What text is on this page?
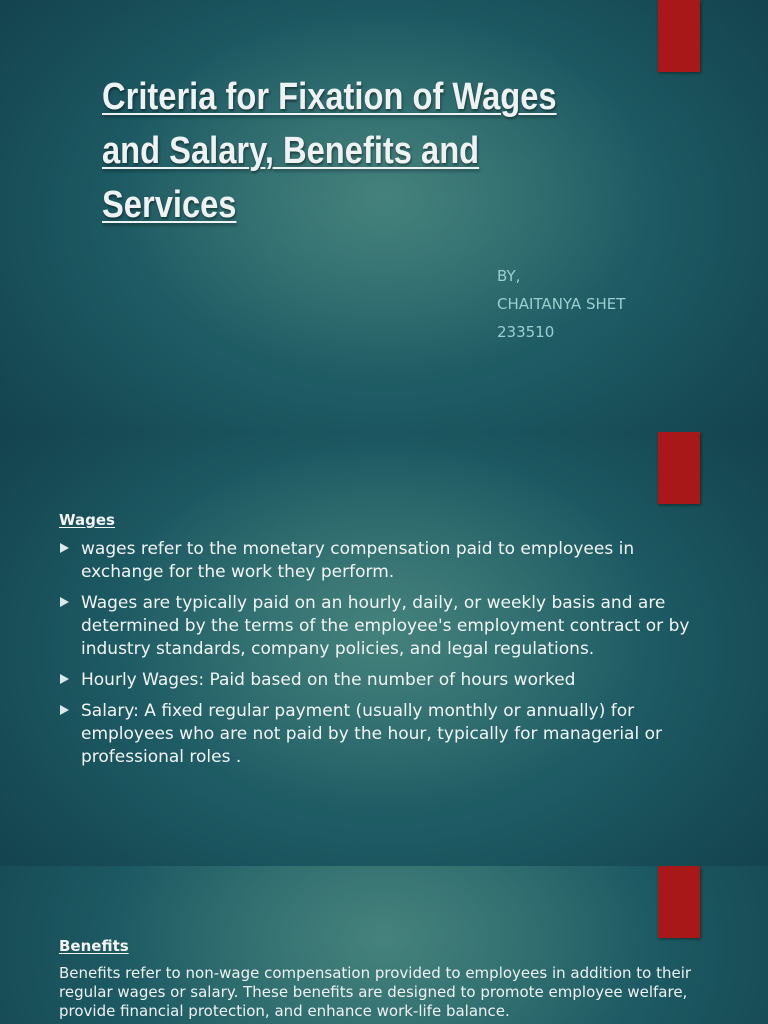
Criteria for Fixation of Wages
and Salary, Benefits and
Services
BY,
CHAITANYA SHET
233510
Wages
wages refer to the monetary compensation paid to employees in exchange for the work they perform.
Wages are typically paid on an hourly, daily, or weekly basis and are determined by the terms of the employee's employment contract or by industry standards, company policies, and legal regulations.
Hourly Wages: Paid based on the number of hours worked
Salary: A fixed regular payment (usually monthly or annually) for employees who are not paid by the hour, typically for managerial or professional roles .
Benefits

Benefits refer to non-wage compensation provided to employees in addition to their regular wages or salary. These benefits are designed to promote employee welfare, provide financial protection, and enhance work-life balance.
